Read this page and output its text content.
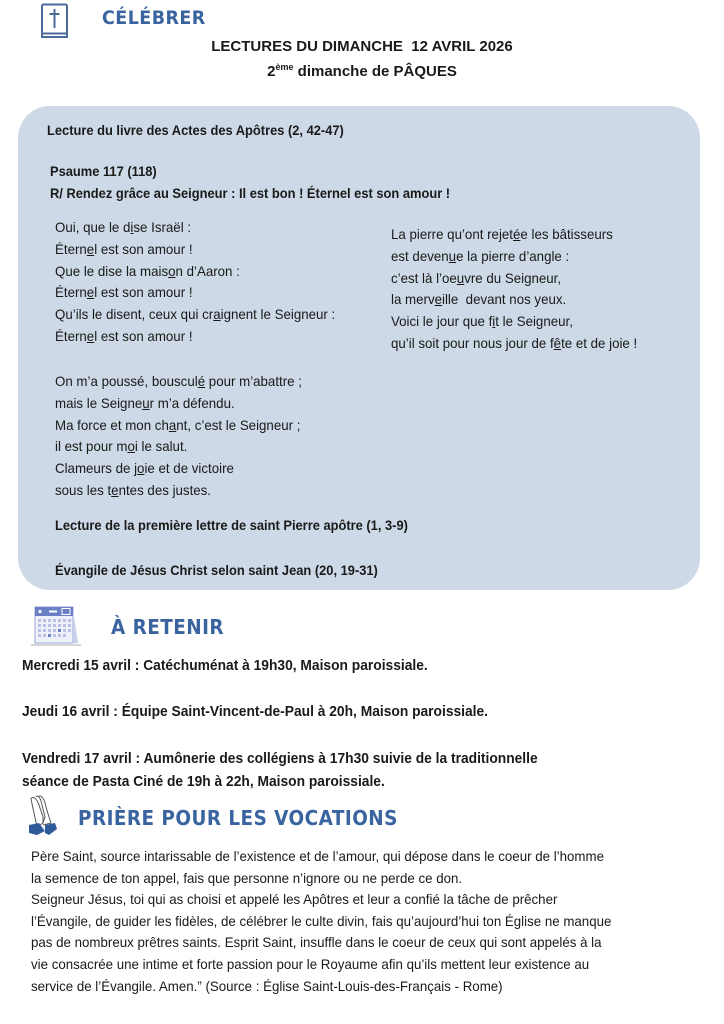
CÉLÉBRER
LECTURES DU DIMANCHE  12 AVRIL 2026
2ème dimanche de PÂQUES
Lecture du livre des Actes des Apôtres (2, 42-47)
Psaume 117 (118)
R/ Rendez grâce au Seigneur : Il est bon ! Éternel est son amour !
Oui, que le dise Israël :
Éternel est son amour !
Que le dise la maison d’Aaron :
Éternel est son amour !
Qu’ils le disent, ceux qui craignent le Seigneur :
Éternel est son amour !
On m’a poussé, bousculé pour m’abattre ;
mais le Seigneur m’a défendu.
Ma force et mon chant, c’est le Seigneur ;
il est pour moi le salut.
Clameurs de joie et de victoire
sous les tentes des justes.
La pierre qu’ont rejetée les bâtisseurs
est devenue la pierre d’angle :
c’est là l’oeuvre du Seigneur,
la merveille  devant nos yeux.
Voici le jour que fit le Seigneur,
qu’il soit pour nous jour de fête et de joie !
Lecture de la première lettre de saint Pierre apôtre (1, 3-9)
Évangile de Jésus Christ selon saint Jean (20, 19-31)
À RETENIR
Mercredi 15 avril : Catéchuménat à 19h30, Maison paroissiale.
Jeudi 16 avril : Équipe Saint-Vincent-de-Paul à 20h, Maison paroissiale.
Vendredi 17 avril : Aumônerie des collégiens à 17h30 suivie de la traditionnelle
séance de Pasta Ciné de 19h à 22h, Maison paroissiale.
PRIÈRE POUR LES VOCATIONS
Père Saint, source intarissable de l’existence et de l’amour, qui dépose dans le coeur de l’homme
la semence de ton appel, fais que personne n’ignore ou ne perde ce don.
Seigneur Jésus, toi qui as choisi et appelé les Apôtres et leur a confié la tâche de prêcher
l’Évangile, de guider les fidèles, de célébrer le culte divin, fais qu’aujourd’hui ton Église ne manque
pas de nombreux prêtres saints. Esprit Saint, insuffle dans le coeur de ceux qui sont appelés à la
vie consacrée une intime et forte passion pour le Royaume afin qu’ils mettent leur existence au
service de l’Évangile. Amen.” (Source : Église Saint-Louis-des-Français - Rome)
